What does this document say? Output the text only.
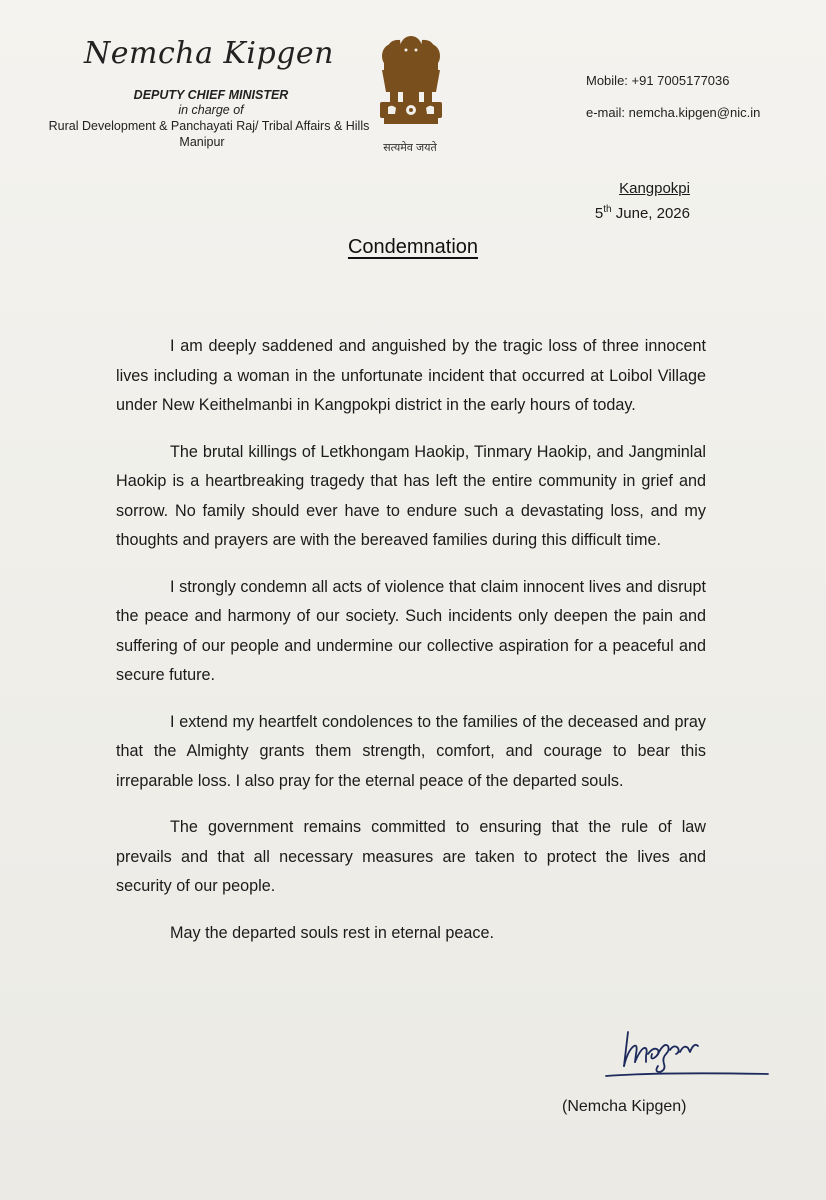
Nemcha Kipgen
DEPUTY CHIEF MINISTER
in charge of
Rural Development & Panchayati Raj/ Tribal Affairs & Hills
Manipur	सत्यमेव जयते
Mobile: +91 7005177036
e-mail: nemcha.kipgen@nic.in
Kangpokpi
5th June, 2026
Condemnation

I am deeply saddened and anguished by the tragic loss of three innocent lives including a woman in the unfortunate incident that occurred at Loibol Village under New Keithelmanbi in Kangpokpi district in the early hours of today.

The brutal killings of Letkhongam Haokip, Tinmary Haokip, and Jangminlal Haokip is a heartbreaking tragedy that has left the entire community in grief and sorrow. No family should ever have to endure such a devastating loss, and my thoughts and prayers are with the bereaved families during this difficult time.

I strongly condemn all acts of violence that claim innocent lives and disrupt the peace and harmony of our society. Such incidents only deepen the pain and suffering of our people and undermine our collective aspiration for a peaceful and secure future.

I extend my heartfelt condolences to the families of the deceased and pray that the Almighty grants them strength, comfort, and courage to bear this irreparable loss. I also pray for the eternal peace of the departed souls.

The government remains committed to ensuring that the rule of law prevails and that all necessary measures are taken to protect the lives and security of our people.

May the departed souls rest in eternal peace.

(Nemcha Kipgen)
